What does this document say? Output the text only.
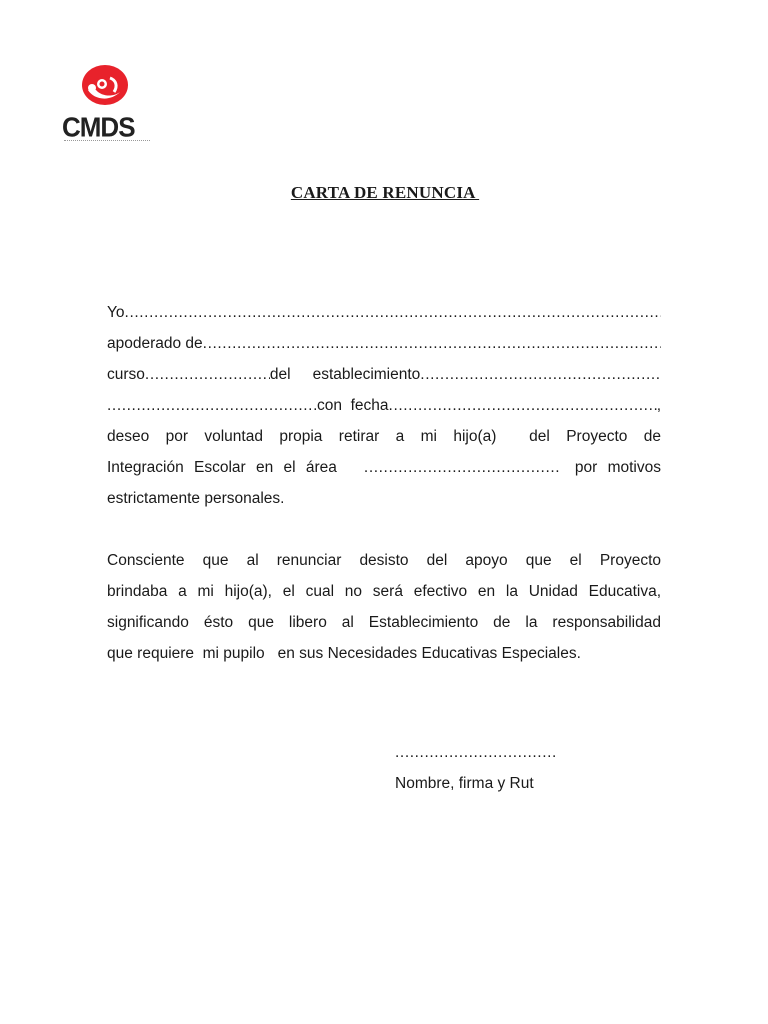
CMDS
CARTA DE RENUNCIA
Yo
.....
apoderado de
.....
curso .....	del	establecimiento
.....
.....
con  fecha .....	,
deseo por voluntad propia retirar a mi hijo(a)  del Proyecto de
Integración Escolar en el área .....	por motivos
estrictamente personales.
Consciente que al renunciar desisto del apoyo que el Proyecto
brindaba a mi hijo(a), el cual no será efectivo en la Unidad Educativa,
significando ésto que libero al Establecimiento de la responsabilidad
que requiere  mi pupilo   en sus Necesidades Educativas Especiales.
.....
Nombre, firma y Rut
